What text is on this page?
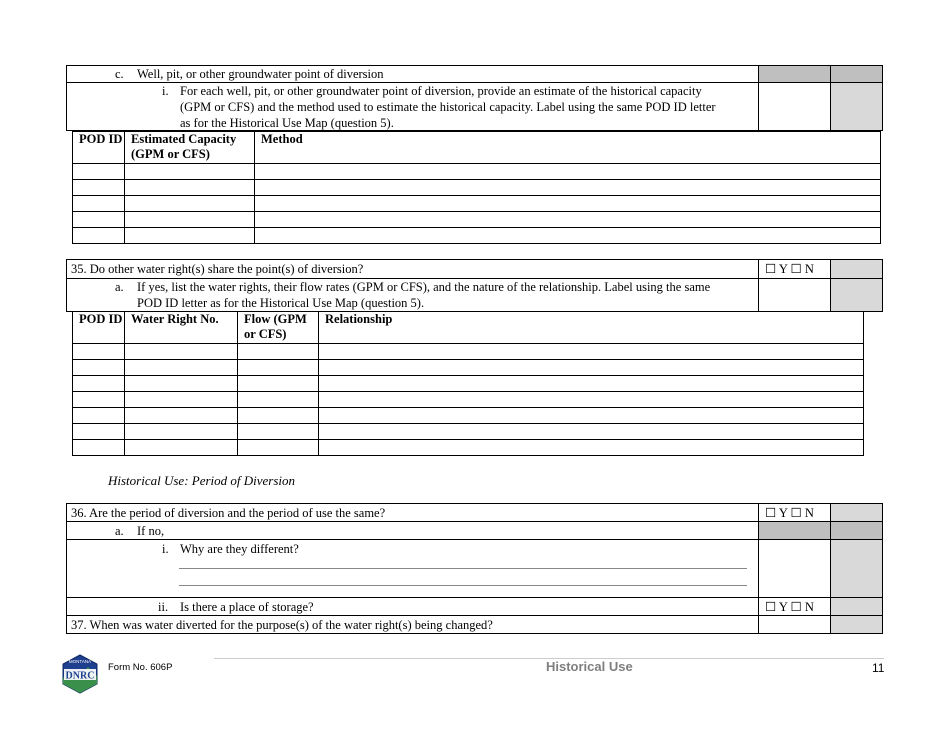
c. Well, pit, or other groundwater point of diversion
i. For each well, pit, or other groundwater point of diversion, provide an estimate of the historical capacity
(GPM or CFS) and the method used to estimate the historical capacity. Label using the same POD ID letter
as for the Historical Use Map (question 5).
POD ID	Estimated Capacity (GPM or CFS)	Method

35. Do other water right(s) share the point(s) of diversion?	☐ Y ☐ N
a. If yes, list the water rights, their flow rates (GPM or CFS), and the nature of the relationship. Label using the same
POD ID letter as for the Historical Use Map (question 5).
POD ID	Water Right No.	Flow (GPM or CFS)	Relationship

Historical Use: Period of Diversion
36. Are the period of diversion and the period of use the same?	☐ Y ☐ N
a. If no,
i. Why are they different?
ii. Is there a place of storage?	☐ Y ☐ N
37. When was water diverted for the purpose(s) of the water right(s) being changed?
MONTANA
DNRC
Form No. 606P	Historical Use	11
